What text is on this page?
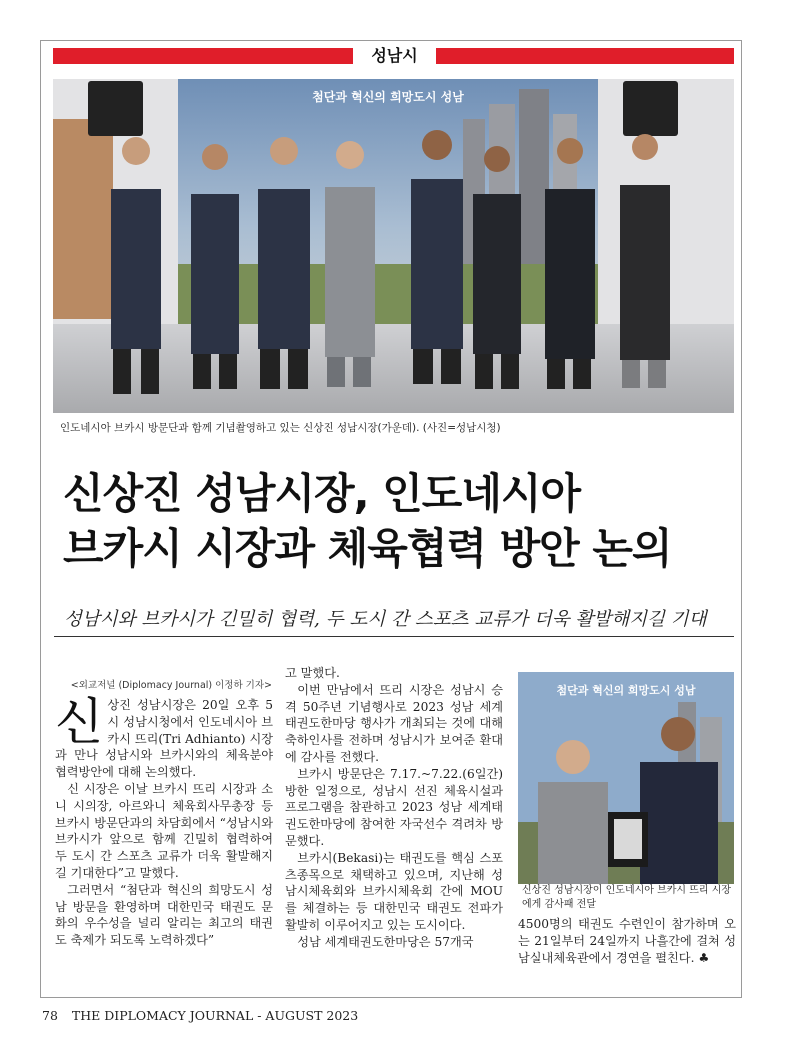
성남시
첨단과 혁신의 희망도시 성남
인도네시아 브카시 방문단과 함께 기념촬영하고 있는 신상진 성남시장(가운데). (사진=성남시청)
신상진 성남시장, 인도네시아
브카시 시장과 체육협력 방안 논의
성남시와 브카시가 긴밀히 협력, 두 도시 간 스포츠 교류가 더욱 활발해지길 기대
<외교저널 (Diplomacy Journal) 이정하 기자>

신상진 성남시장은 20일 오후 5시 성남시청에서 인도네시아 브카시 뜨리(Tri Adhianto) 시장과 만나 성남시와 브카시와의 체육분야 협력방안에 대해 논의했다.

신 시장은 이날 브카시 뜨리 시장과 소니 시의장, 아르와니 체육회사무총장 등 브카시 방문단과의 차담회에서 “성남시와 브카시가 앞으로 함께 긴밀히 협력하여 두 도시 간 스포츠 교류가 더욱 활발해지길 기대한다”고 말했다.

그러면서 “첨단과 혁신의 희망도시 성남 방문을 환영하며 대한민국 태권도 문화의 우수성을 널리 알리는 최고의 태권도 축제가 되도록 노력하겠다”

고 말했다.

이번 만남에서 뜨리 시장은 성남시 승격 50주년 기념행사로 2023 성남 세계태권도한마당 행사가 개최되는 것에 대해 축하인사를 전하며 성남시가 보여준 환대에 감사를 전했다.

브카시 방문단은 7.17.~7.22.(6일간) 방한 일정으로, 성남시 선진 체육시설과 프로그램을 참관하고 2023 성남 세계태권도한마당에 참여한 자국선수 격려차 방문했다.

브카시(Bekasi)는 태권도를 핵심 스포츠종목으로 채택하고 있으며, 지난해 성남시체육회와 브카시체육회 간에 MOU를 체결하는 등 대한민국 태권도 전파가 활발히 이루어지고 있는 도시이다.

성남 세계태권도한마당은 57개국

첨단과 혁신의 희망도시 성남
신상진 성남시장이 인도네시아 브카시 뜨리 시장에게 감사패 전달

4500명의 태권도 수련인이 참가하며 오는 21일부터 24일까지 나흘간에 걸쳐 성남실내체육관에서 경연을 펼친다. ♣

78 THE DIPLOMACY JOURNAL - AUGUST 2023
